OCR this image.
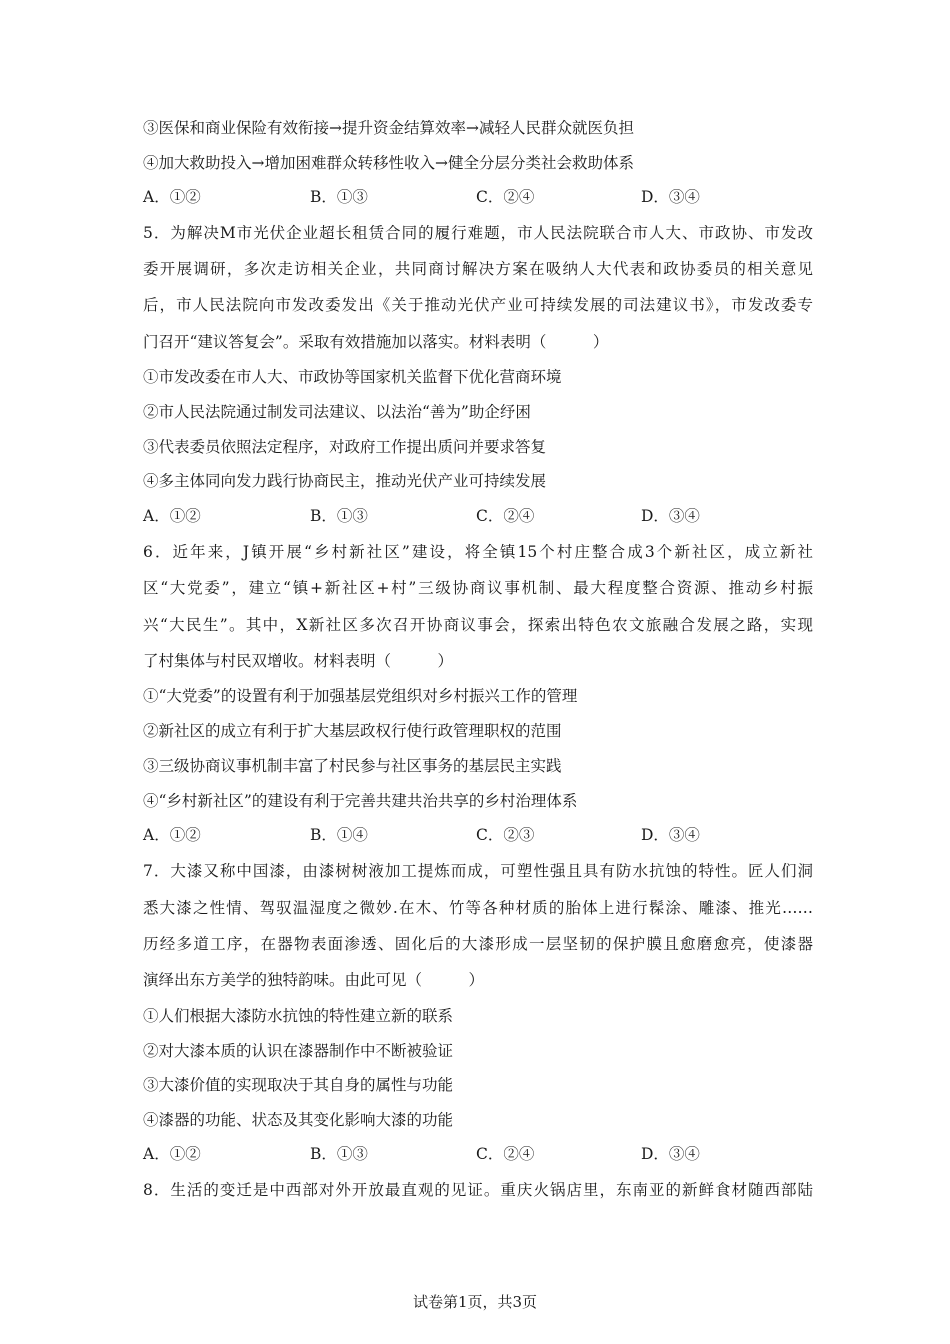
③医保和商业保险有效衔接→提升资金结算效率→减轻人民群众就医负担
④加大救助投入→增加困难群众转移性收入→健全分层分类社会救助体系
A．①②	B．①③	C．②④	D．③④
5．为解决M市光伏企业超长租赁合同的履行难题，市人民法院联合市人大、市政协、市发改
委开展调研，多次走访相关企业，共同商讨解决方案在吸纳人大代表和政协委员的相关意见
后，市人民法院向市发改委发出《关于推动光伏产业可持续发展的司法建议书》，市发改委专
门召开“建议答复会”。采取有效措施加以落实。材料表明（　　　）
①市发改委在市人大、市政协等国家机关监督下优化营商环境
②市人民法院通过制发司法建议、以法治“善为”助企纾困
③代表委员依照法定程序，对政府工作提出质问并要求答复
④多主体同向发力践行协商民主，推动光伏产业可持续发展
A．①②	B．①③	C．②④	D．③④
6．近年来，J镇开展“乡村新社区”建设，将全镇15个村庄整合成3个新社区，成立新社
区“大党委”，建立“镇+新社区+村”三级协商议事机制、最大程度整合资源、推动乡村振
兴“大民生”。其中，X新社区多次召开协商议事会，探索出特色农文旅融合发展之路，实现
了村集体与村民双增收。材料表明（　　　）
①“大党委”的设置有利于加强基层党组织对乡村振兴工作的管理
②新社区的成立有利于扩大基层政权行使行政管理职权的范围
③三级协商议事机制丰富了村民参与社区事务的基层民主实践
④“乡村新社区”的建设有利于完善共建共治共享的乡村治理体系
A．①②	B．①④	C．②③	D．③④
7．大漆又称中国漆，由漆树树液加工提炼而成，可塑性强且具有防水抗蚀的特性。匠人们洞
悉大漆之性情、驾驭温湿度之微妙.在木、竹等各种材质的胎体上进行髹涂、雕漆、推光……
历经多道工序，在器物表面渗透、固化后的大漆形成一层坚韧的保护膜且愈磨愈亮，使漆器
演绎出东方美学的独特韵味。由此可见（　　　）
①人们根据大漆防水抗蚀的特性建立新的联系
②对大漆本质的认识在漆器制作中不断被验证
③大漆价值的实现取决于其自身的属性与功能
④漆器的功能、状态及其变化影响大漆的功能
A．①②	B．①③	C．②④	D．③④
8．生活的变迁是中西部对外开放最直观的见证。重庆火锅店里，东南亚的新鲜食材随西部陆
试卷第1页，共3页
